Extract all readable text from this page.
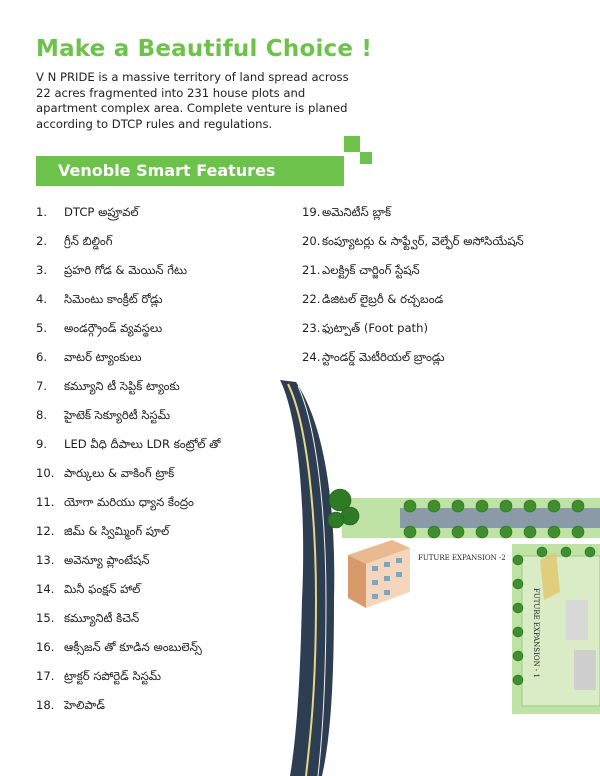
Make a Beautiful Choice !

V N PRIDE is a massive territory of land spread across 22 acres fragmented into 231 house plots and apartment complex area. Complete venture is planed according to DTCP rules and regulations.

Venoble Smart Features
1. DTCP అప్రూవల్
2. గ్రీన్ బిల్డింగ్
3. ప్రహరి గోడ & మెయిన్ గేటు
4. సిమెంటు కాంక్రీట్ రోడ్లు
5. అండర్గ్రౌండ్ వ్యవస్థలు
6. వాటర్ ట్యాంకులు
7. కమ్యూని టీ సెప్టిక్ ట్యాంకు
8. హైటెక్ సెక్యూరిటీ సిస్టమ్
9. LED వీధి దీపాలు LDR కంట్రోల్ తో
10. పార్కులు & వాకింగ్ ట్రాక్
11. యోగా మరియు ధ్యాన కేంద్రం
12. జిమ్ & స్విమ్మింగ్ పూల్
13. అవెన్యూ ప్లాంటేషన్
14. మినీ ఫంక్షన్ హాల్
15. కమ్యూనిటీ కిచెన్
16. ఆక్సీజన్ తో కూడిన అంబులెన్స్
17. ట్రాక్టర్ సపోర్టెడ్ సిస్టమ్
18. హెలిపాడ్
19. అమెనిటీస్ బ్లాక్
20. కంప్యూటర్లు & సాఫ్ట్వేర్, వెల్ఫేర్ అసోసియేషన్
21. ఎలక్ట్రిక్ చార్జింగ్ స్టేషన్
22. డిజిటల్ లైబ్రరీ & రచ్చబండ
23. ఫుట్పాత్ (Foot path)
24. స్టాండర్డ్ మెటీరియల్ బ్రాండ్లు
FUTURE EXPANSION -2
FUTURE EXPANSION - 1
